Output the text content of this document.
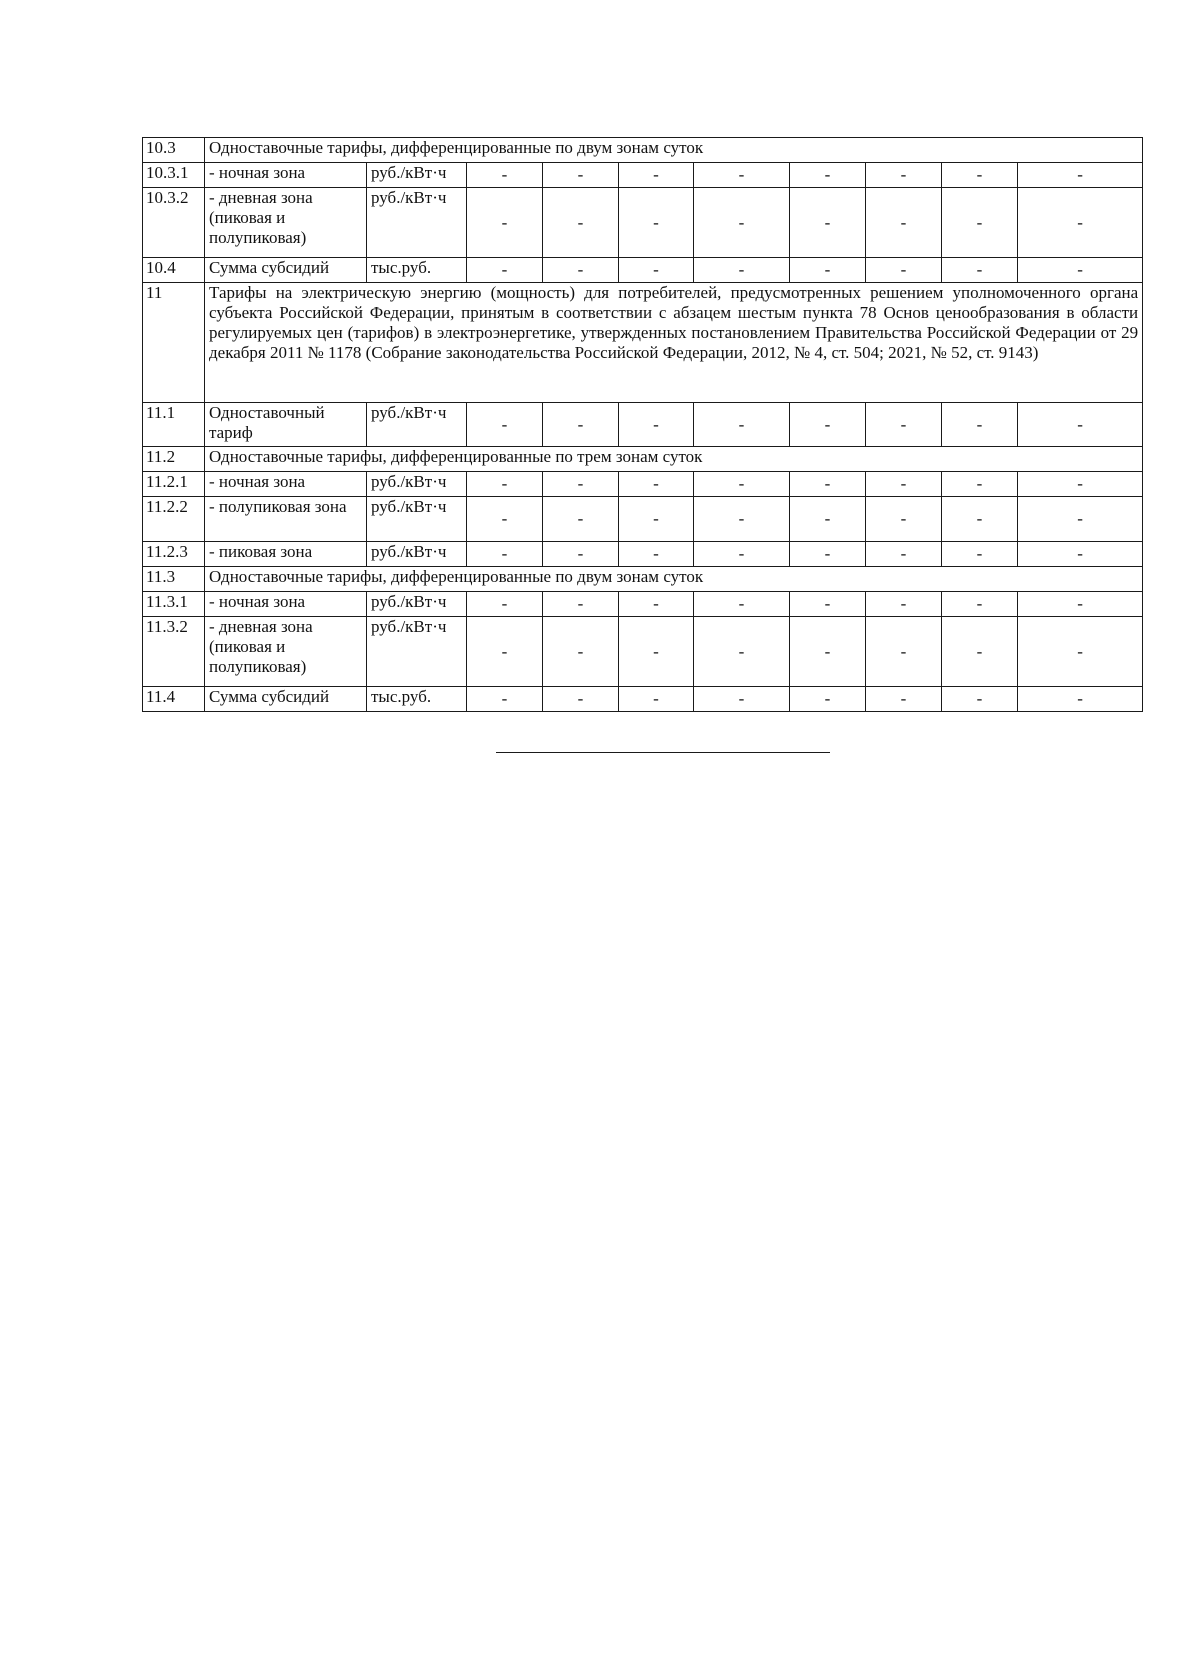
10.3	Одноставочные тарифы, дифференцированные по двум зонам суток									
10.3.1	- ночная зона	руб./кВт·ч	-	-	-	-	-	-	-	-
10.3.2	- дневная зона (пиковая и полупиковая)	руб./кВт·ч	-	-	-	-	-	-	-	-
10.4	Сумма субсидий	тыс.руб.	-	-	-	-	-	-	-	-
11	Тарифы на электрическую энергию (мощность) для потребителей, предусмотренных решением уполномоченного органа субъекта Российской Федерации, принятым в соответствии с абзацем шестым пункта 78 Основ ценообразования в области регулируемых цен (тарифов) в электроэнергетике, утвержденных постановлением Правительства Российской Федерации от 29 декабря 2011 № 1178 (Собрание законодательства Российской Федерации, 2012, № 4, ст. 504; 2021, № 52, ст. 9143)									
11.1	Одноставочный тариф	руб./кВт·ч	-	-	-	-	-	-	-	-
11.2	Одноставочные тарифы, дифференцированные по трем зонам суток									
11.2.1	- ночная зона	руб./кВт·ч	-	-	-	-	-	-	-	-
11.2.2	- полупиковая зона	руб./кВт·ч	-	-	-	-	-	-	-	-
11.2.3	- пиковая зона	руб./кВт·ч	-	-	-	-	-	-	-	-
11.3	Одноставочные тарифы, дифференцированные по двум зонам суток									
11.3.1	- ночная зона	руб./кВт·ч	-	-	-	-	-	-	-	-
11.3.2	- дневная зона (пиковая и полупиковая)	руб./кВт·ч	-	-	-	-	-	-	-	-
11.4	Сумма субсидий	тыс.руб.	-	-	-	-	-	-	-	-
